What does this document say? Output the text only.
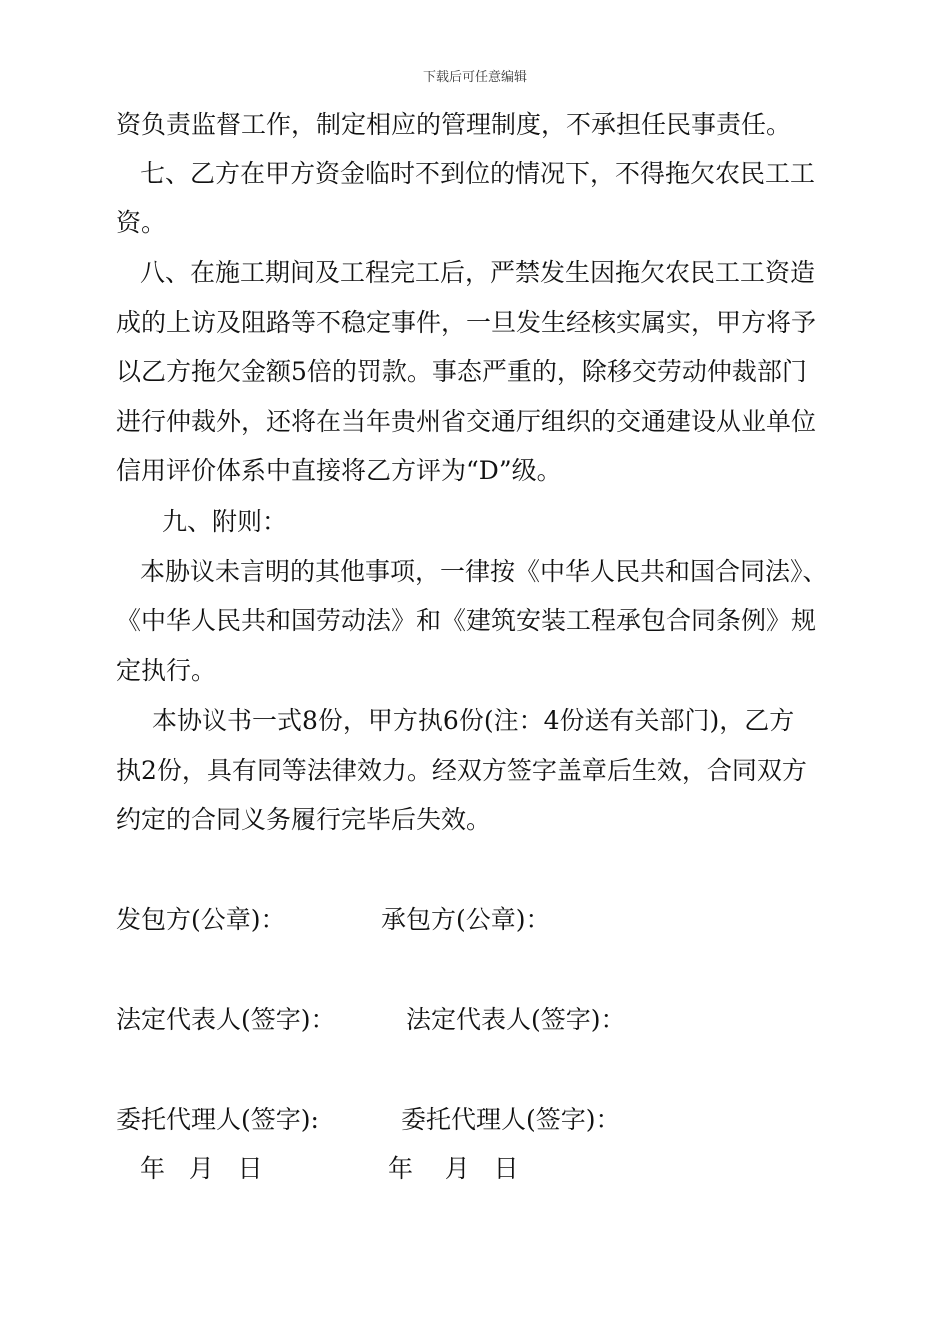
下载后可任意编辑
资负责监督工作，制定相应的管理制度，不承担任民事责任。
七、乙方在甲方资金临时不到位的情况下，不得拖欠农民工工
资。
八、在施工期间及工程完工后，严禁发生因拖欠农民工工资造
成的上访及阻路等不稳定事件，一旦发生经核实属实，甲方将予
以乙方拖欠金额5倍的罚款。事态严重的，除移交劳动仲裁部门
进行仲裁外，还将在当年贵州省交通厅组织的交通建设从业单位
信用评价体系中直接将乙方评为“D”级。
九、附则：
本胁议未言明的其他事项，一律按《中华人民共和国合同法》、
《中华人民共和国劳动法》和《建筑安装工程承包合同条例》规
定执行。
本协议书一式8份，甲方执6份(注：4份送有关部门)，乙方
执2份，具有同等法律效力。经双方签字盖章后生效，合同双方
约定的合同义务履行完毕后失效。
发包方(公章)：	承包方(公章)：
法定代表人(签字)：	法定代表人(签字)：
委托代理人(签字):	委托代理人(签字)：
年   月   日	年    月   日
